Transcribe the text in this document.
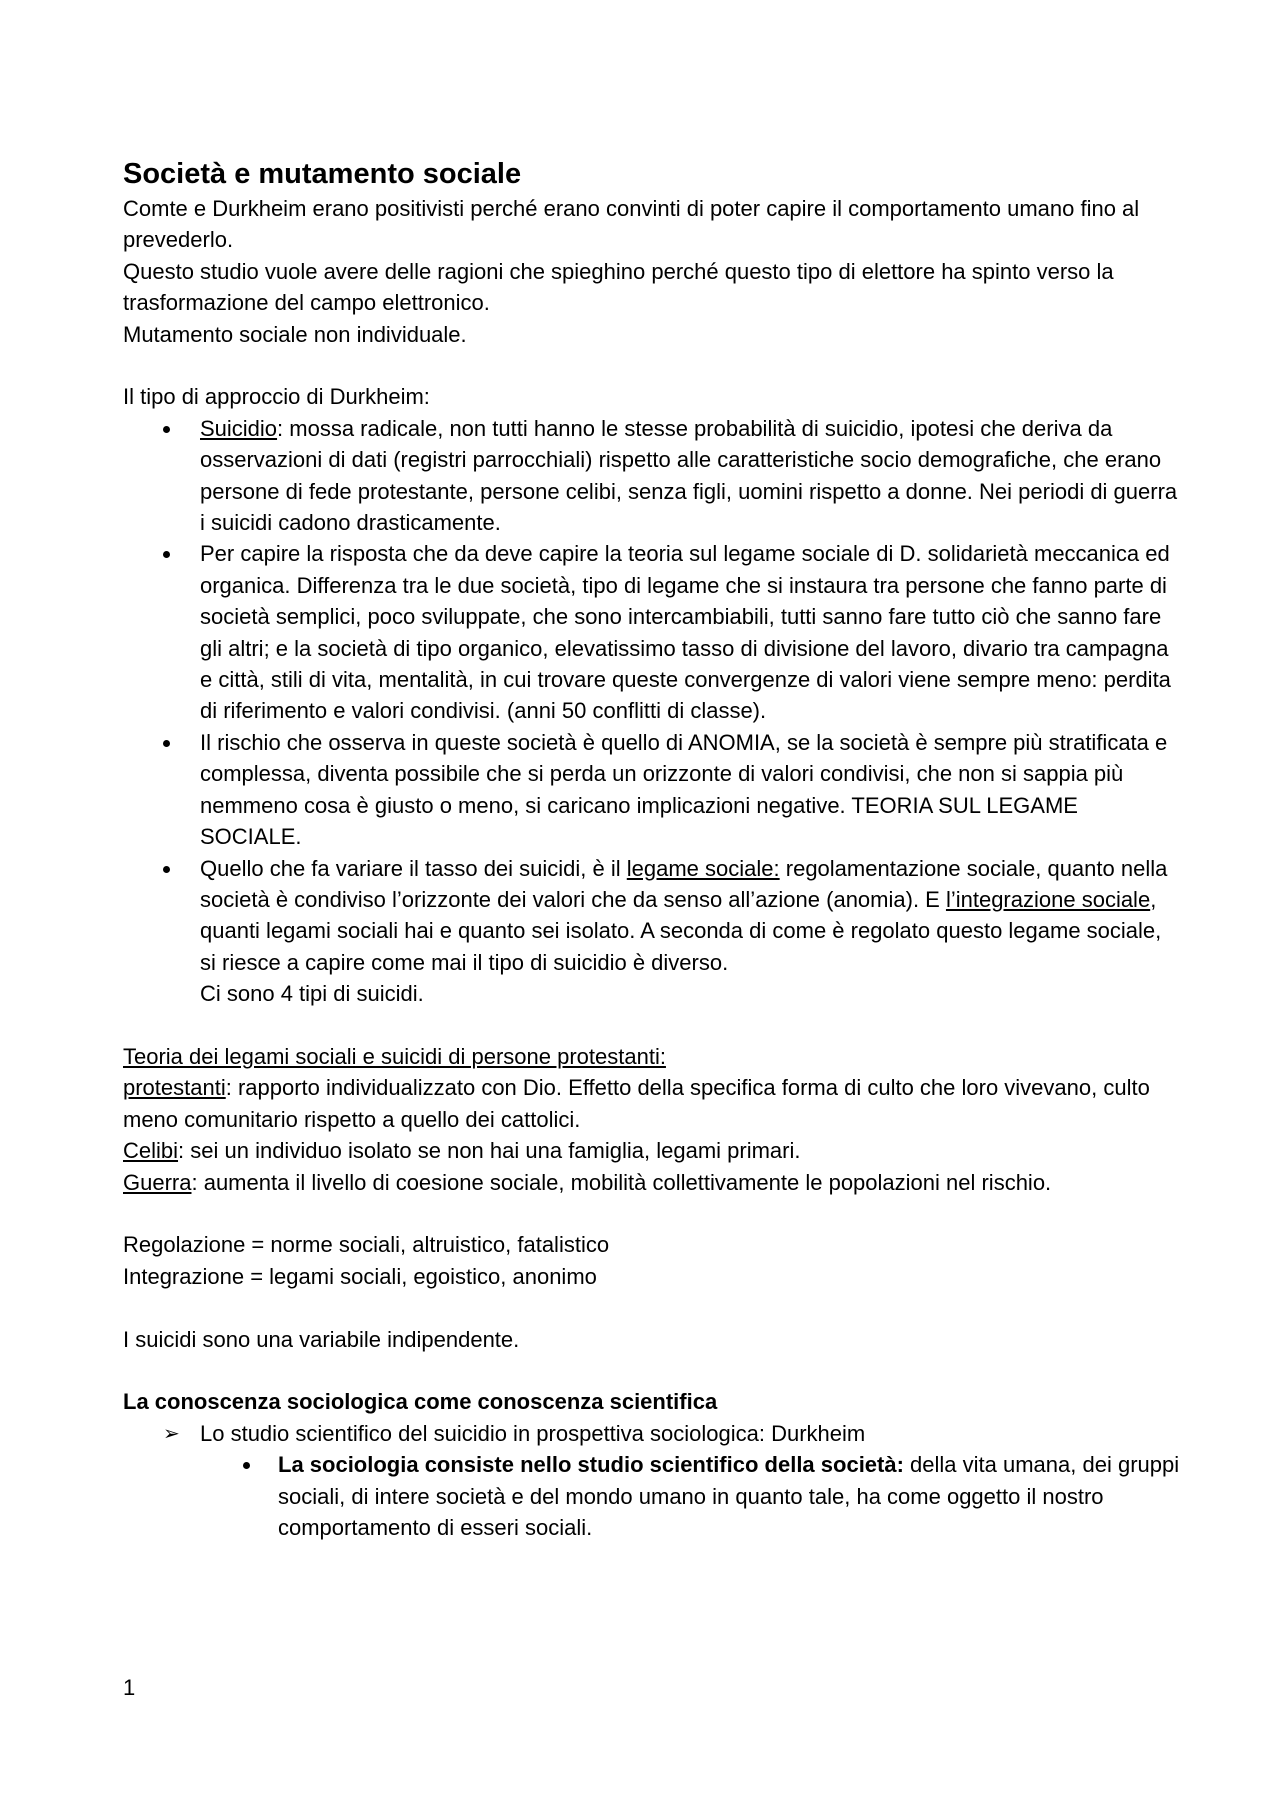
Società e mutamento sociale

Comte e Durkheim erano positivisti perché erano convinti di poter capire il comportamento umano fino al prevederlo.

Questo studio vuole avere delle ragioni che spieghino perché questo tipo di elettore ha spinto verso la trasformazione del campo elettronico.

Mutamento sociale non individuale.

Il tipo di approccio di Durkheim:

Suicidio: mossa radicale, non tutti hanno le stesse probabilità di suicidio, ipotesi che deriva da osservazioni di dati (registri parrocchiali) rispetto alle caratteristiche socio demografiche, che erano persone di fede protestante, persone celibi, senza figli, uomini rispetto a donne. Nei periodi di guerra i suicidi cadono drasticamente.
Per capire la risposta che da deve capire la teoria sul legame sociale di D. solidarietà meccanica ed organica. Differenza tra le due società, tipo di legame che si instaura tra persone che fanno parte di società semplici, poco sviluppate, che sono intercambiabili, tutti sanno fare tutto ciò che sanno fare gli altri; e la società di tipo organico, elevatissimo tasso di divisione del lavoro, divario tra campagna e città, stili di vita, mentalità, in cui trovare queste convergenze di valori viene sempre meno: perdita di riferimento e valori condivisi. (anni 50 conflitti di classe).
Il rischio che osserva in queste società è quello di ANOMIA, se la società è sempre più stratificata e complessa, diventa possibile che si perda un orizzonte di valori condivisi, che non si sappia più nemmeno cosa è giusto o meno, si caricano implicazioni negative. TEORIA SUL LEGAME SOCIALE.
Quello che fa variare il tasso dei suicidi, è il legame sociale: regolamentazione sociale, quanto nella società è condiviso l’orizzonte dei valori che da senso all’azione (anomia). E l’integrazione sociale, quanti legami sociali hai e quanto sei isolato. A seconda di come è regolato questo legame sociale, si riesce a capire come mai il tipo di suicidio è diverso.
Ci sono 4 tipi di suicidi.

Teoria dei legami sociali e suicidi di persone protestanti:

protestanti: rapporto individualizzato con Dio. Effetto della specifica forma di culto che loro vivevano, culto meno comunitario rispetto a quello dei cattolici.

Celibi: sei un individuo isolato se non hai una famiglia, legami primari.

Guerra: aumenta il livello di coesione sociale, mobilità collettivamente le popolazioni nel rischio.

Regolazione = norme sociali, altruistico, fatalistico

Integrazione = legami sociali, egoistico, anonimo

I suicidi sono una variabile indipendente.

La conoscenza sociologica come conoscenza scientifica

➢ Lo studio scientifico del suicidio in prospettiva sociologica: Durkheim
La sociologia consiste nello studio scientifico della società: della vita umana, dei gruppi sociali, di intere società e del mondo umano in quanto tale, ha come oggetto il nostro comportamento di esseri sociali.
1
